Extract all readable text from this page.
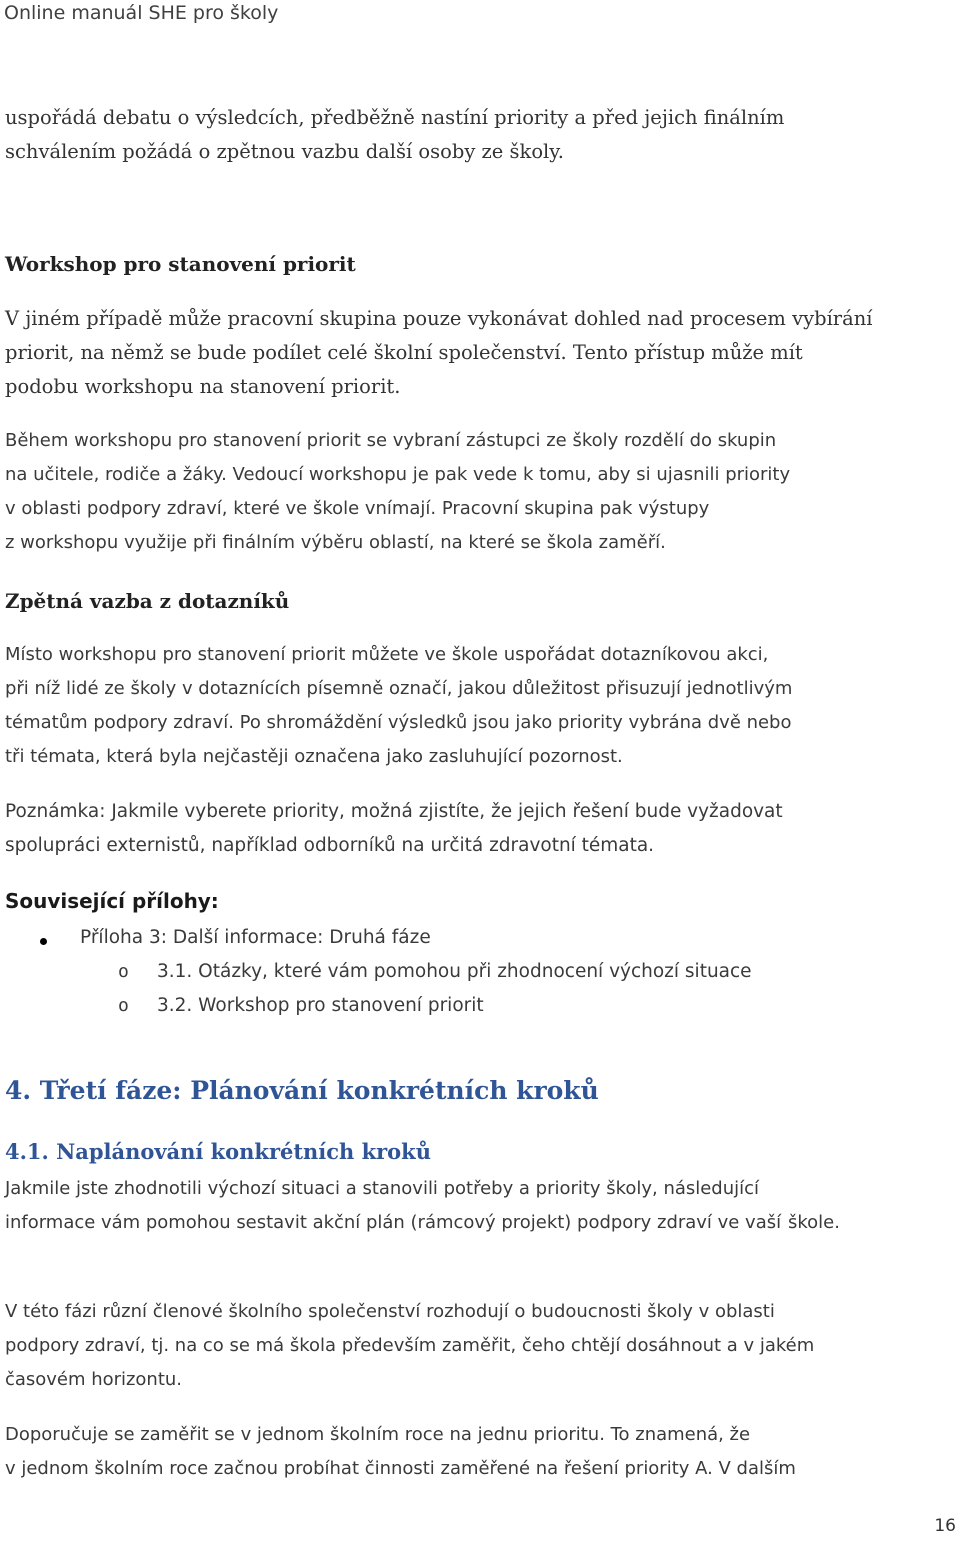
Online manuál SHE pro školy
uspořádá debatu o výsledcích, předběžně nastíní priority a před jejich finálním schválením požádá o zpětnou vazbu další osoby ze školy.
Workshop pro stanovení priorit
V jiném případě může pracovní skupina pouze vykonávat dohled nad procesem vybírání priorit, na němž se bude podílet celé školní společenství. Tento přístup může mít podobu workshopu na stanovení priorit.
Během workshopu pro stanovení priorit se vybraní zástupci ze školy rozdělí do skupin na učitele, rodiče a žáky. Vedoucí workshopu je pak vede k tomu, aby si ujasnili priority v oblasti podpory zdraví, které ve škole vnímají. Pracovní skupina pak výstupy z workshopu využije při finálním výběru oblastí, na které se škola zaměří.
Zpětná vazba z dotazníků
Místo workshopu pro stanovení priorit můžete ve škole uspořádat dotazníkovou akci, při níž lidé ze školy v dotaznících písemně označí, jakou důležitost přisuzují jednotlivým tématům podpory zdraví. Po shromáždění výsledků jsou jako priority vybrána dvě nebo tři témata, která byla nejčastěji označena jako zasluhující pozornost.
Poznámka: Jakmile vyberete priority, možná zjistíte, že jejich řešení bude vyžadovat spolupráci externistů, například odborníků na určitá zdravotní témata.
Související přílohy:
Příloha 3: Další informace: Druhá fáze
o 3.1. Otázky, které vám pomohou při zhodnocení výchozí situace
o 3.2. Workshop pro stanovení priorit
4. Třetí fáze: Plánování konkrétních kroků
4.1. Naplánování konkrétních kroků
Jakmile jste zhodnotili výchozí situaci a stanovili potřeby a priority školy, následující informace vám pomohou sestavit akční plán (rámcový projekt) podpory zdraví ve vaší škole.
V této fázi různí členové školního společenství rozhodují o budoucnosti školy v oblasti podpory zdraví, tj. na co se má škola především zaměřit, čeho chtějí dosáhnout a v jakém časovém horizontu.
Doporučuje se zaměřit se v jednom školním roce na jednu prioritu. To znamená, že v jednom školním roce začnou probíhat činnosti zaměřené na řešení priority A. V dalším
16
